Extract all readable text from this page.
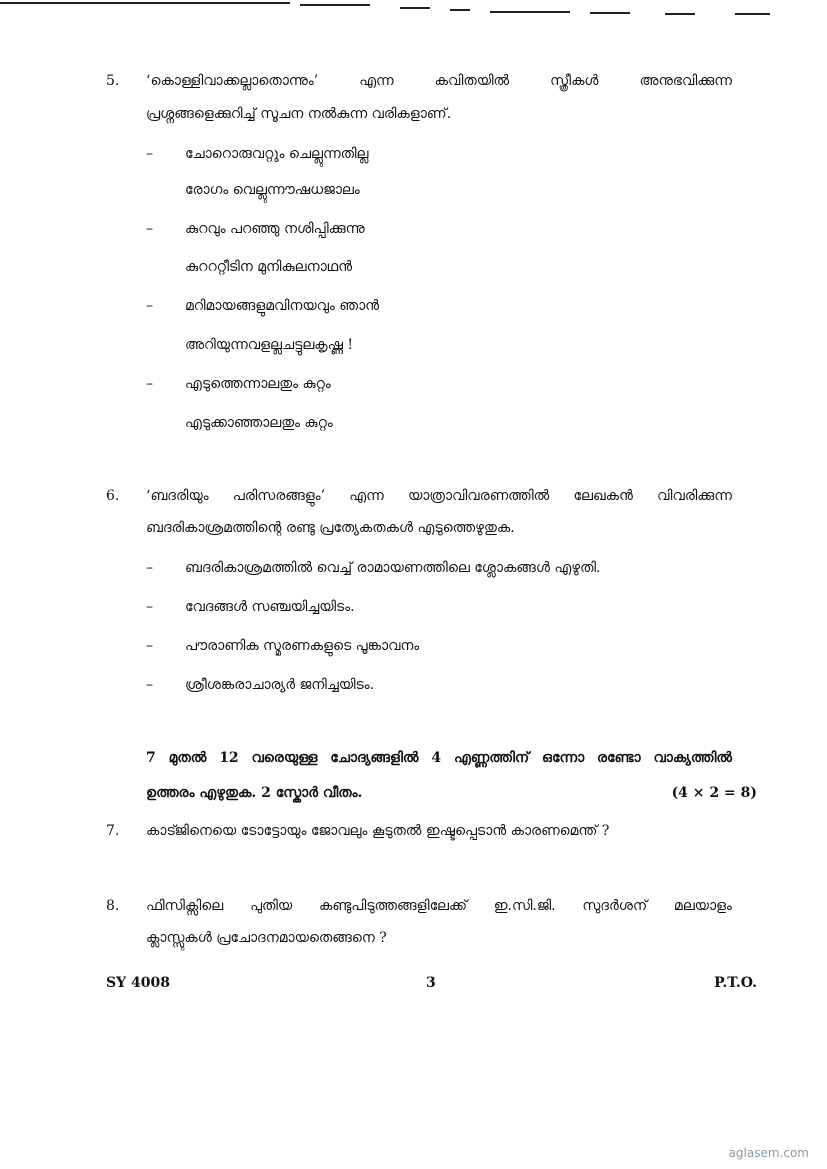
5. ‘കൊള്ളിവാക്കല്ലാതൊന്നും’	എന്ന	കവിതയിൽ	സ്ത്രീകൾ	അനുഭവിക്കുന്ന
പ്രശ്നങ്ങളെക്കുറിച്ച് സൂചന നൽകുന്ന വരികളാണ്.
– ചോറൊരുവറ്റും ചെല്ലുന്നതില്ല
രോഗം വെല്ലുന്നൗഷധജാലം
– കുറവും പറഞ്ഞു നശിപ്പിക്കുന്നു
കുറററ്റീടിന മുനികുലനാഥൻ
– മറിമായങ്ങളുമവിനയവും ഞാൻ
അറിയുന്നവളല്ലചട്ടുലകൃഷ്ണ !
– എടുത്തെന്നാലതും കുറ്റം
എടുക്കാഞ്ഞാലതും കുറ്റം
6. ‘ബദരിയും പരിസരങ്ങളും’ എന്ന യാത്രാവിവരണത്തിൽ ലേഖകൻ വിവരിക്കുന്ന
ബദരികാശ്രമത്തിന്റെ രണ്ടു പ്രത്യേകതകൾ എടുത്തെഴുതുക.
– ബദരികാശ്രമത്തിൽ വെച്ച് രാമായണത്തിലെ ശ്ലോകങ്ങൾ എഴുതി.
– വേദങ്ങൾ സഞ്ചയിച്ചയിടം.
– പൗരാണിക സ്മരണകളുടെ പൂങ്കാവനം
– ശ്രീശങ്കരാചാര്യർ ജനിച്ചയിടം.
7 മുതൽ 12 വരെയുള്ള ചോദ്യങ്ങളിൽ 4 എണ്ണത്തിന് ഒന്നോ രണ്ടോ വാക്യത്തിൽ
ഉത്തരം എഴുതുക. 2 സ്കോർ വീതം.	(4 × 2 = 8)
7. കാട്ജിനെയെ ടോട്ടോയും ജോവലും കൂടുതൽ ഇഷ്ടപ്പെടാൻ കാരണമെന്ത് ?
8. ഫിസിക്സിലെ പുതിയ കണ്ടുപിടുത്തങ്ങളിലേക്ക് ഇ.സി.ജി. സുദർശന് മലയാളം
ക്ലാസ്സുകൾ പ്രചോദനമായതെങ്ങനെ ?
SY 4008	3	P.T.O.
aglasem.com
